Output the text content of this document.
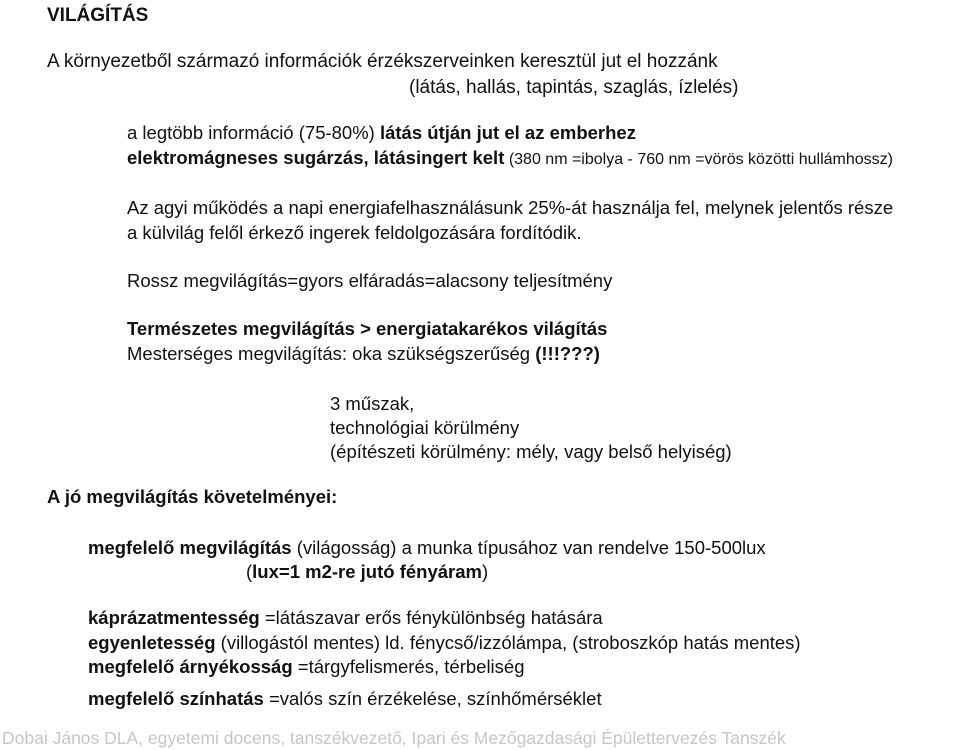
VILÁGÍTÁS
A környezetből származó információk érzékszerveinken keresztül jut el hozzánk
(látás, hallás, tapintás, szaglás, ízlelés)
a legtöbb információ (75-80%) látás útján jut el az emberhez
elektromágneses sugárzás, látásingert kelt (380 nm =ibolya - 760 nm =vörös közötti hullámhossz)
Az agyi működés a napi energiafelhasználásunk 25%-át használja fel, melynek jelentős része
a külvilág felől érkező ingerek feldolgozására fordítódik.
Rossz megvilágítás=gyors elfáradás=alacsony teljesítmény
Természetes megvilágítás > energiatakarékos világítás
Mesterséges megvilágítás: oka szükségszerűség (!!!???)
3 műszak,
technológiai körülmény
(építészeti körülmény: mély, vagy belső helyiség)
A jó megvilágítás követelményei:
megfelelő megvilágítás (világosság) a munka típusához van rendelve 150-500lux
(lux=1 m2-re jutó fényáram)
káprázatmentesség =látászavar erős fénykülönbség hatására
egyenletesség (villogástól mentes) ld. fénycső/izzólámpa, (stroboszkóp hatás mentes)
megfelelő árnyékosság =tárgyfelismerés, térbeliség
megfelelő színhatás =valós szín érzékelése, színhőmérséklet
Dobai János DLA, egyetemi docens, tanszékvezető, Ipari és Mezőgazdasági Épülettervezés Tanszék
